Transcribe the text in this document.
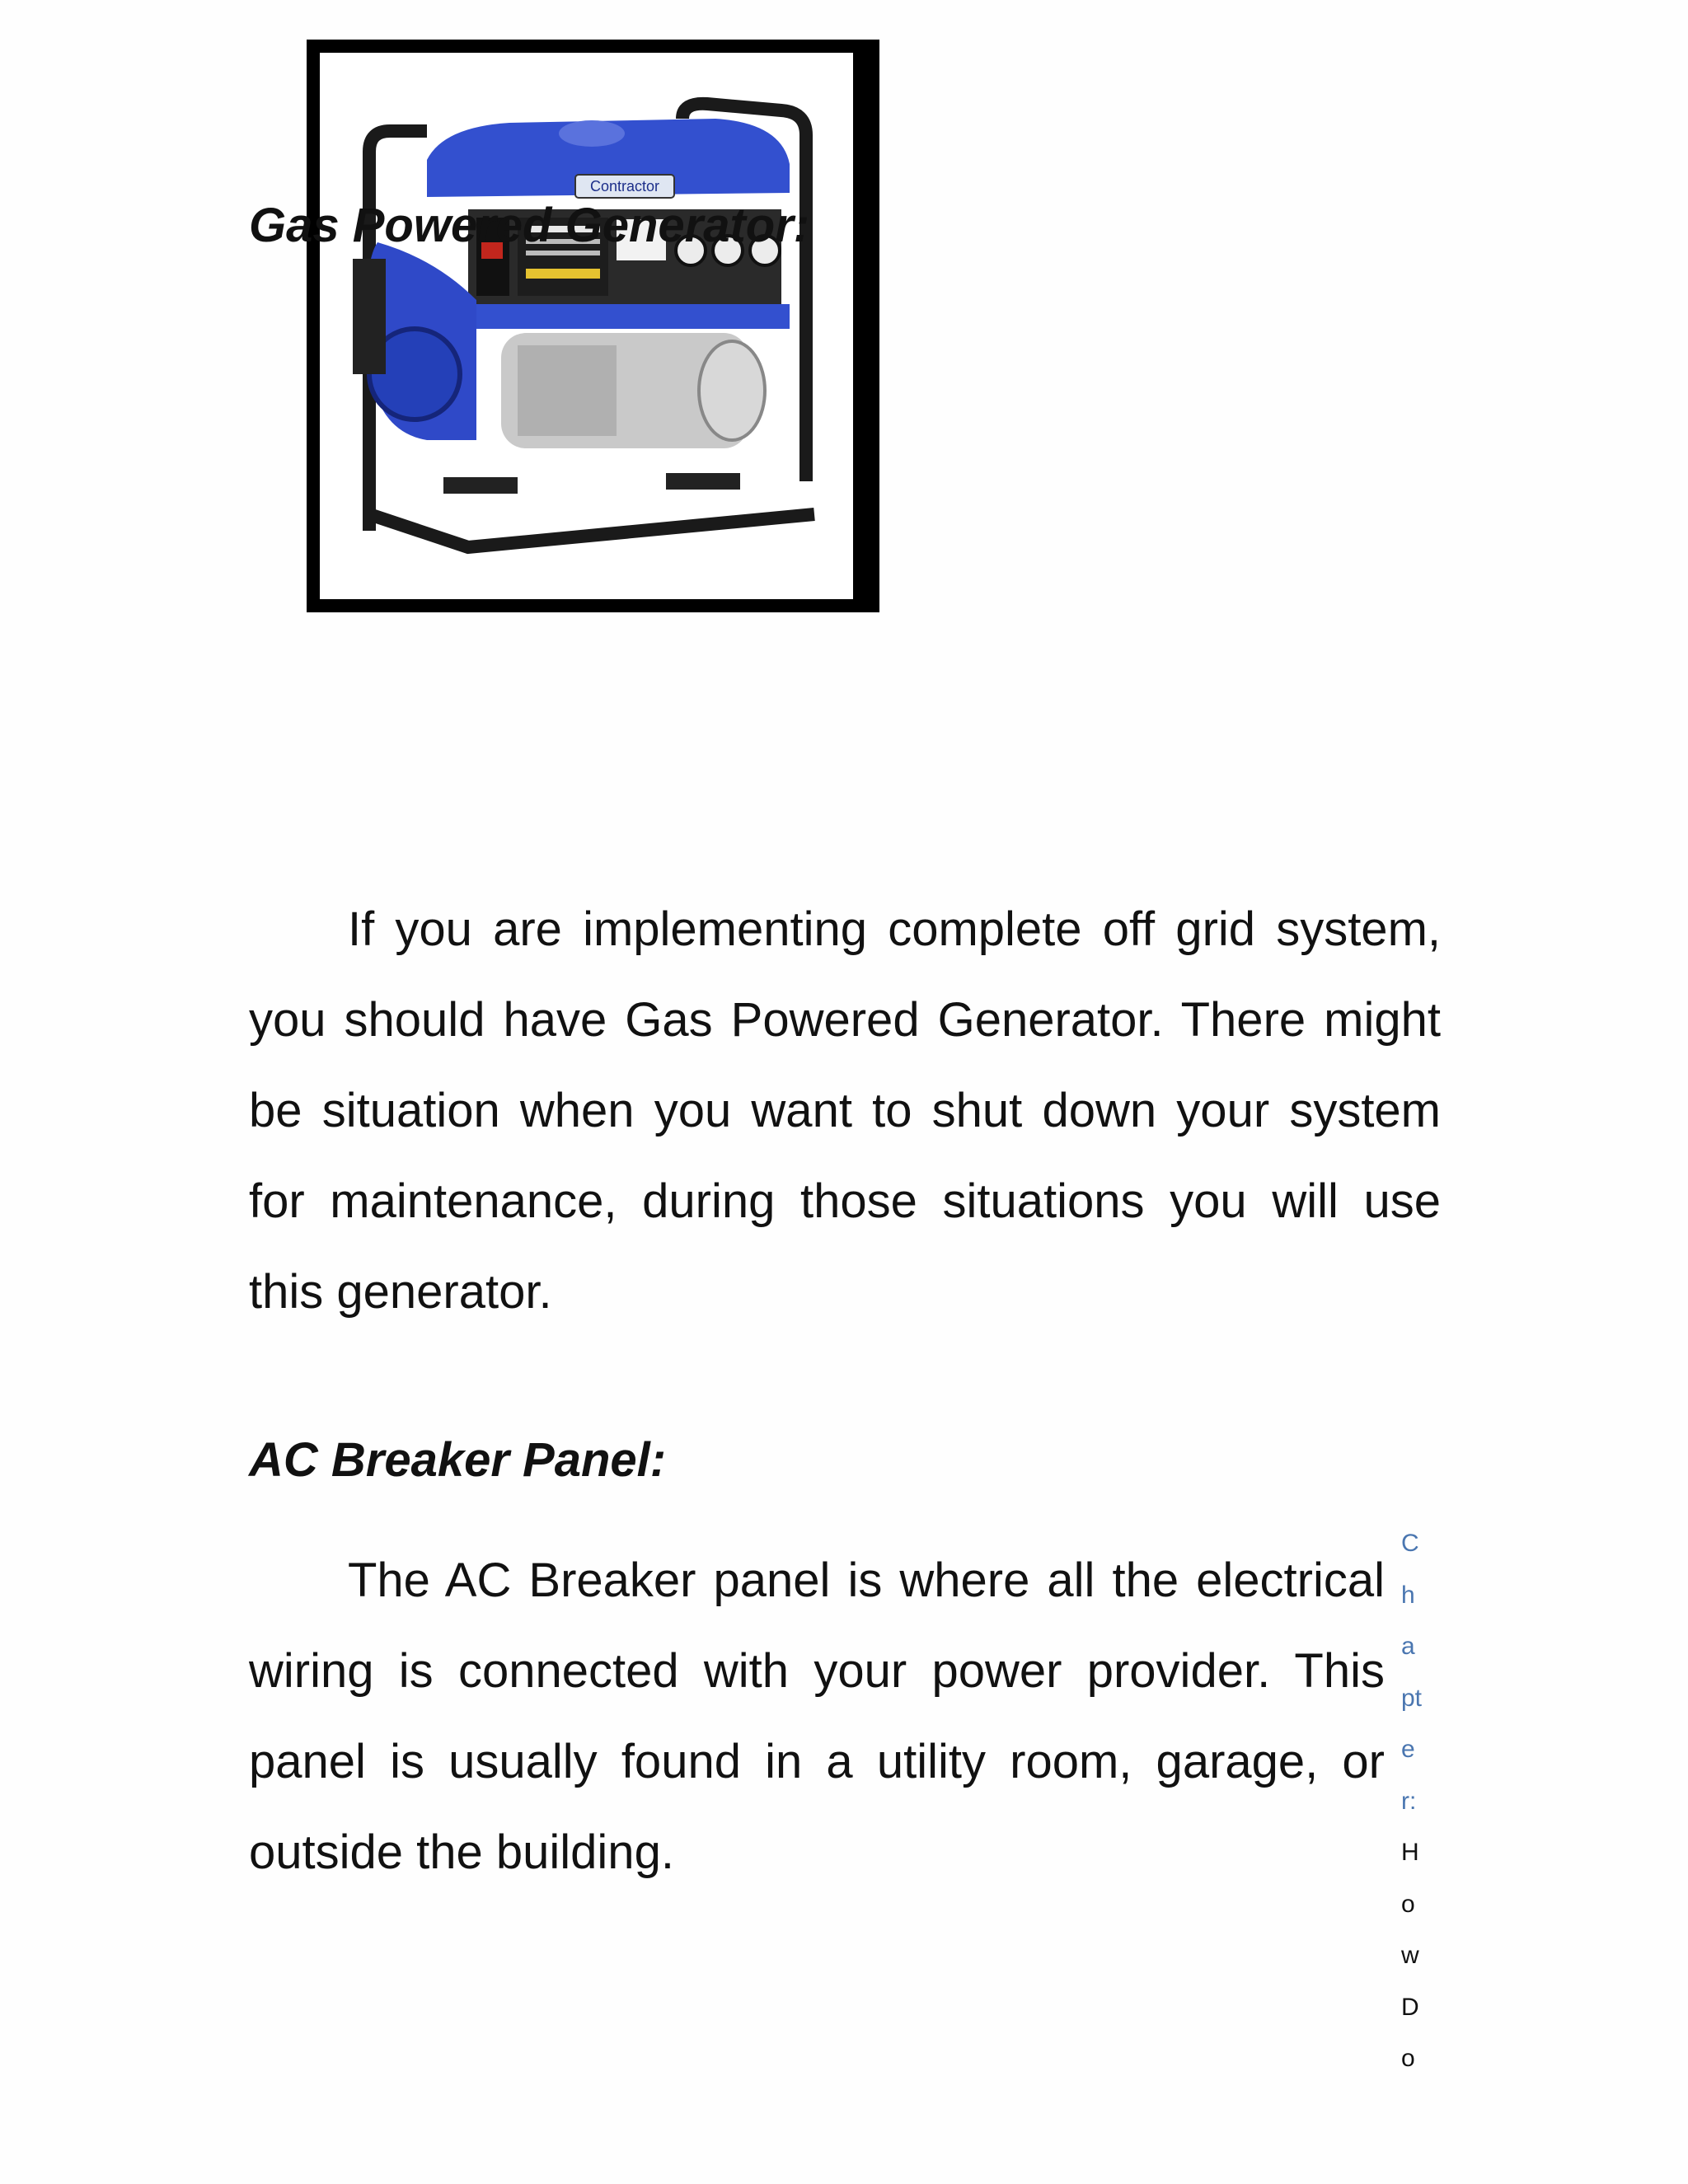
Contractor
Gas Powered Generator:

If you are implementing complete off grid system, you should have Gas Powered Generator. There might be situation when you want to shut down your system for maintenance, during those situations you will use this generator.

AC Breaker Panel:

The AC Breaker panel is where all the electrical wiring is connected with your power provider. This panel is usually found in a utility room, garage, or outside the building.

C
h
a
pt
e
r:
H
o
w
D
o
